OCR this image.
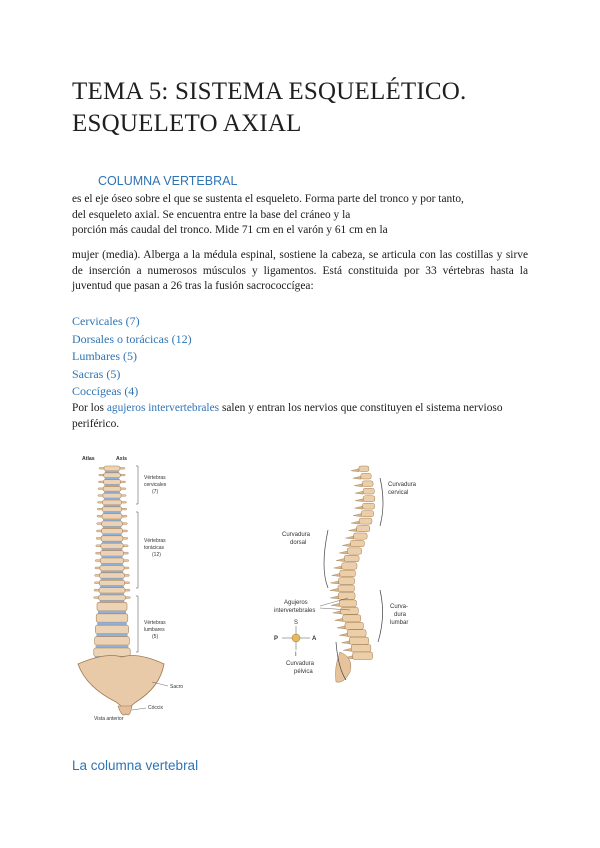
TEMA 5: SISTEMA ESQUELÉTICO.
ESQUELETO AXIAL
COLUMNA VERTEBRAL

es el eje óseo sobre el que se sustenta el esqueleto. Forma parte del tronco y por tanto,
del esqueleto axial. Se encuentra entre la base del cráneo y la
porción más caudal del tronco. Mide 71 cm en el varón y 61 cm en la

mujer (media). Alberga a la médula espinal, sostiene la cabeza, se articula con las costillas y sirve de inserción a numerosos músculos y ligamentos. Está constituida por 33 vértebras hasta la juventud que pasan a 26 tras la fusión sacrococcígea:

Cervicales (7)
Dorsales o torácicas (12)
Lumbares (5)
Sacras (5)
Coccígeas (4)

Por los agujeros intervertebrales salen y entran los nervios que constituyen el sistema nervioso periférico.

Atlas	Axis
Vértebras
cervicales
(7)
Vértebras
torácicas
(12)
Vértebras
lumbares
(5)
Sacro
Cóccix
Vista anterior
Curvadura
cervical
Curvadura
dorsal
Agujeros
intervertebrales
Curva-
dura
lumbar
S
P	A
I
Curvadura
pélvica

La columna vertebral
